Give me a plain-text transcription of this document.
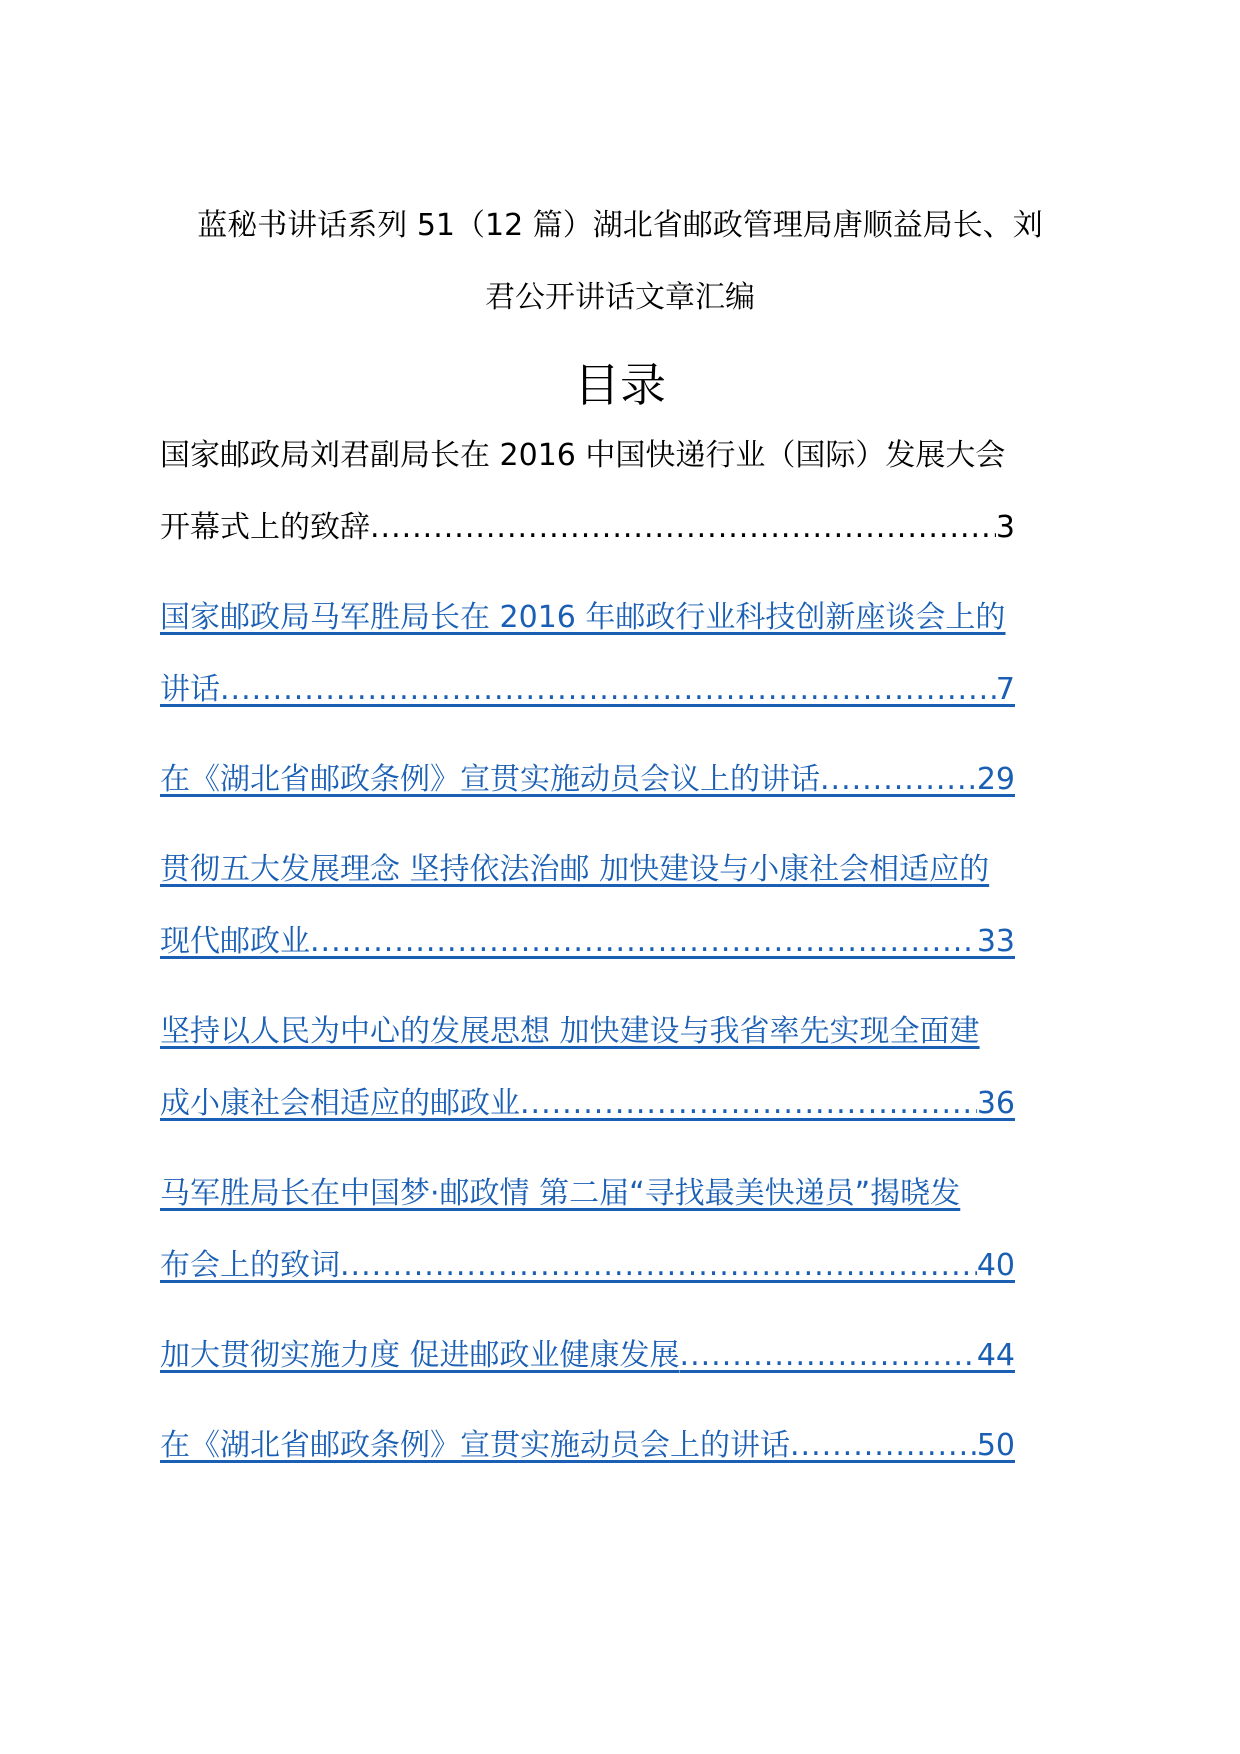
蓝秘书讲话系列 51（12 篇）湖北省邮政管理局唐顺益局长、刘
君公开讲话文章汇编
目录
国家邮政局刘君副局长在 2016 中国快递行业（国际）发展大会
开幕式上的致辞 .....	3
国家邮政局马军胜局长在 2016 年邮政行业科技创新座谈会上的
讲话 .....	7
在《湖北省邮政条例》宣贯实施动员会议上的讲话 .....	29
贯彻五大发展理念 坚持依法治邮 加快建设与小康社会相适应的
现代邮政业 .....	33
坚持以人民为中心的发展思想 加快建设与我省率先实现全面建
成小康社会相适应的邮政业 .....	36
马军胜局长在中国梦·邮政情 第二届“寻找最美快递员”揭晓发
布会上的致词 .....	40
加大贯彻实施力度 促进邮政业健康发展 .....	44
在《湖北省邮政条例》宣贯实施动员会上的讲话 .....	50
